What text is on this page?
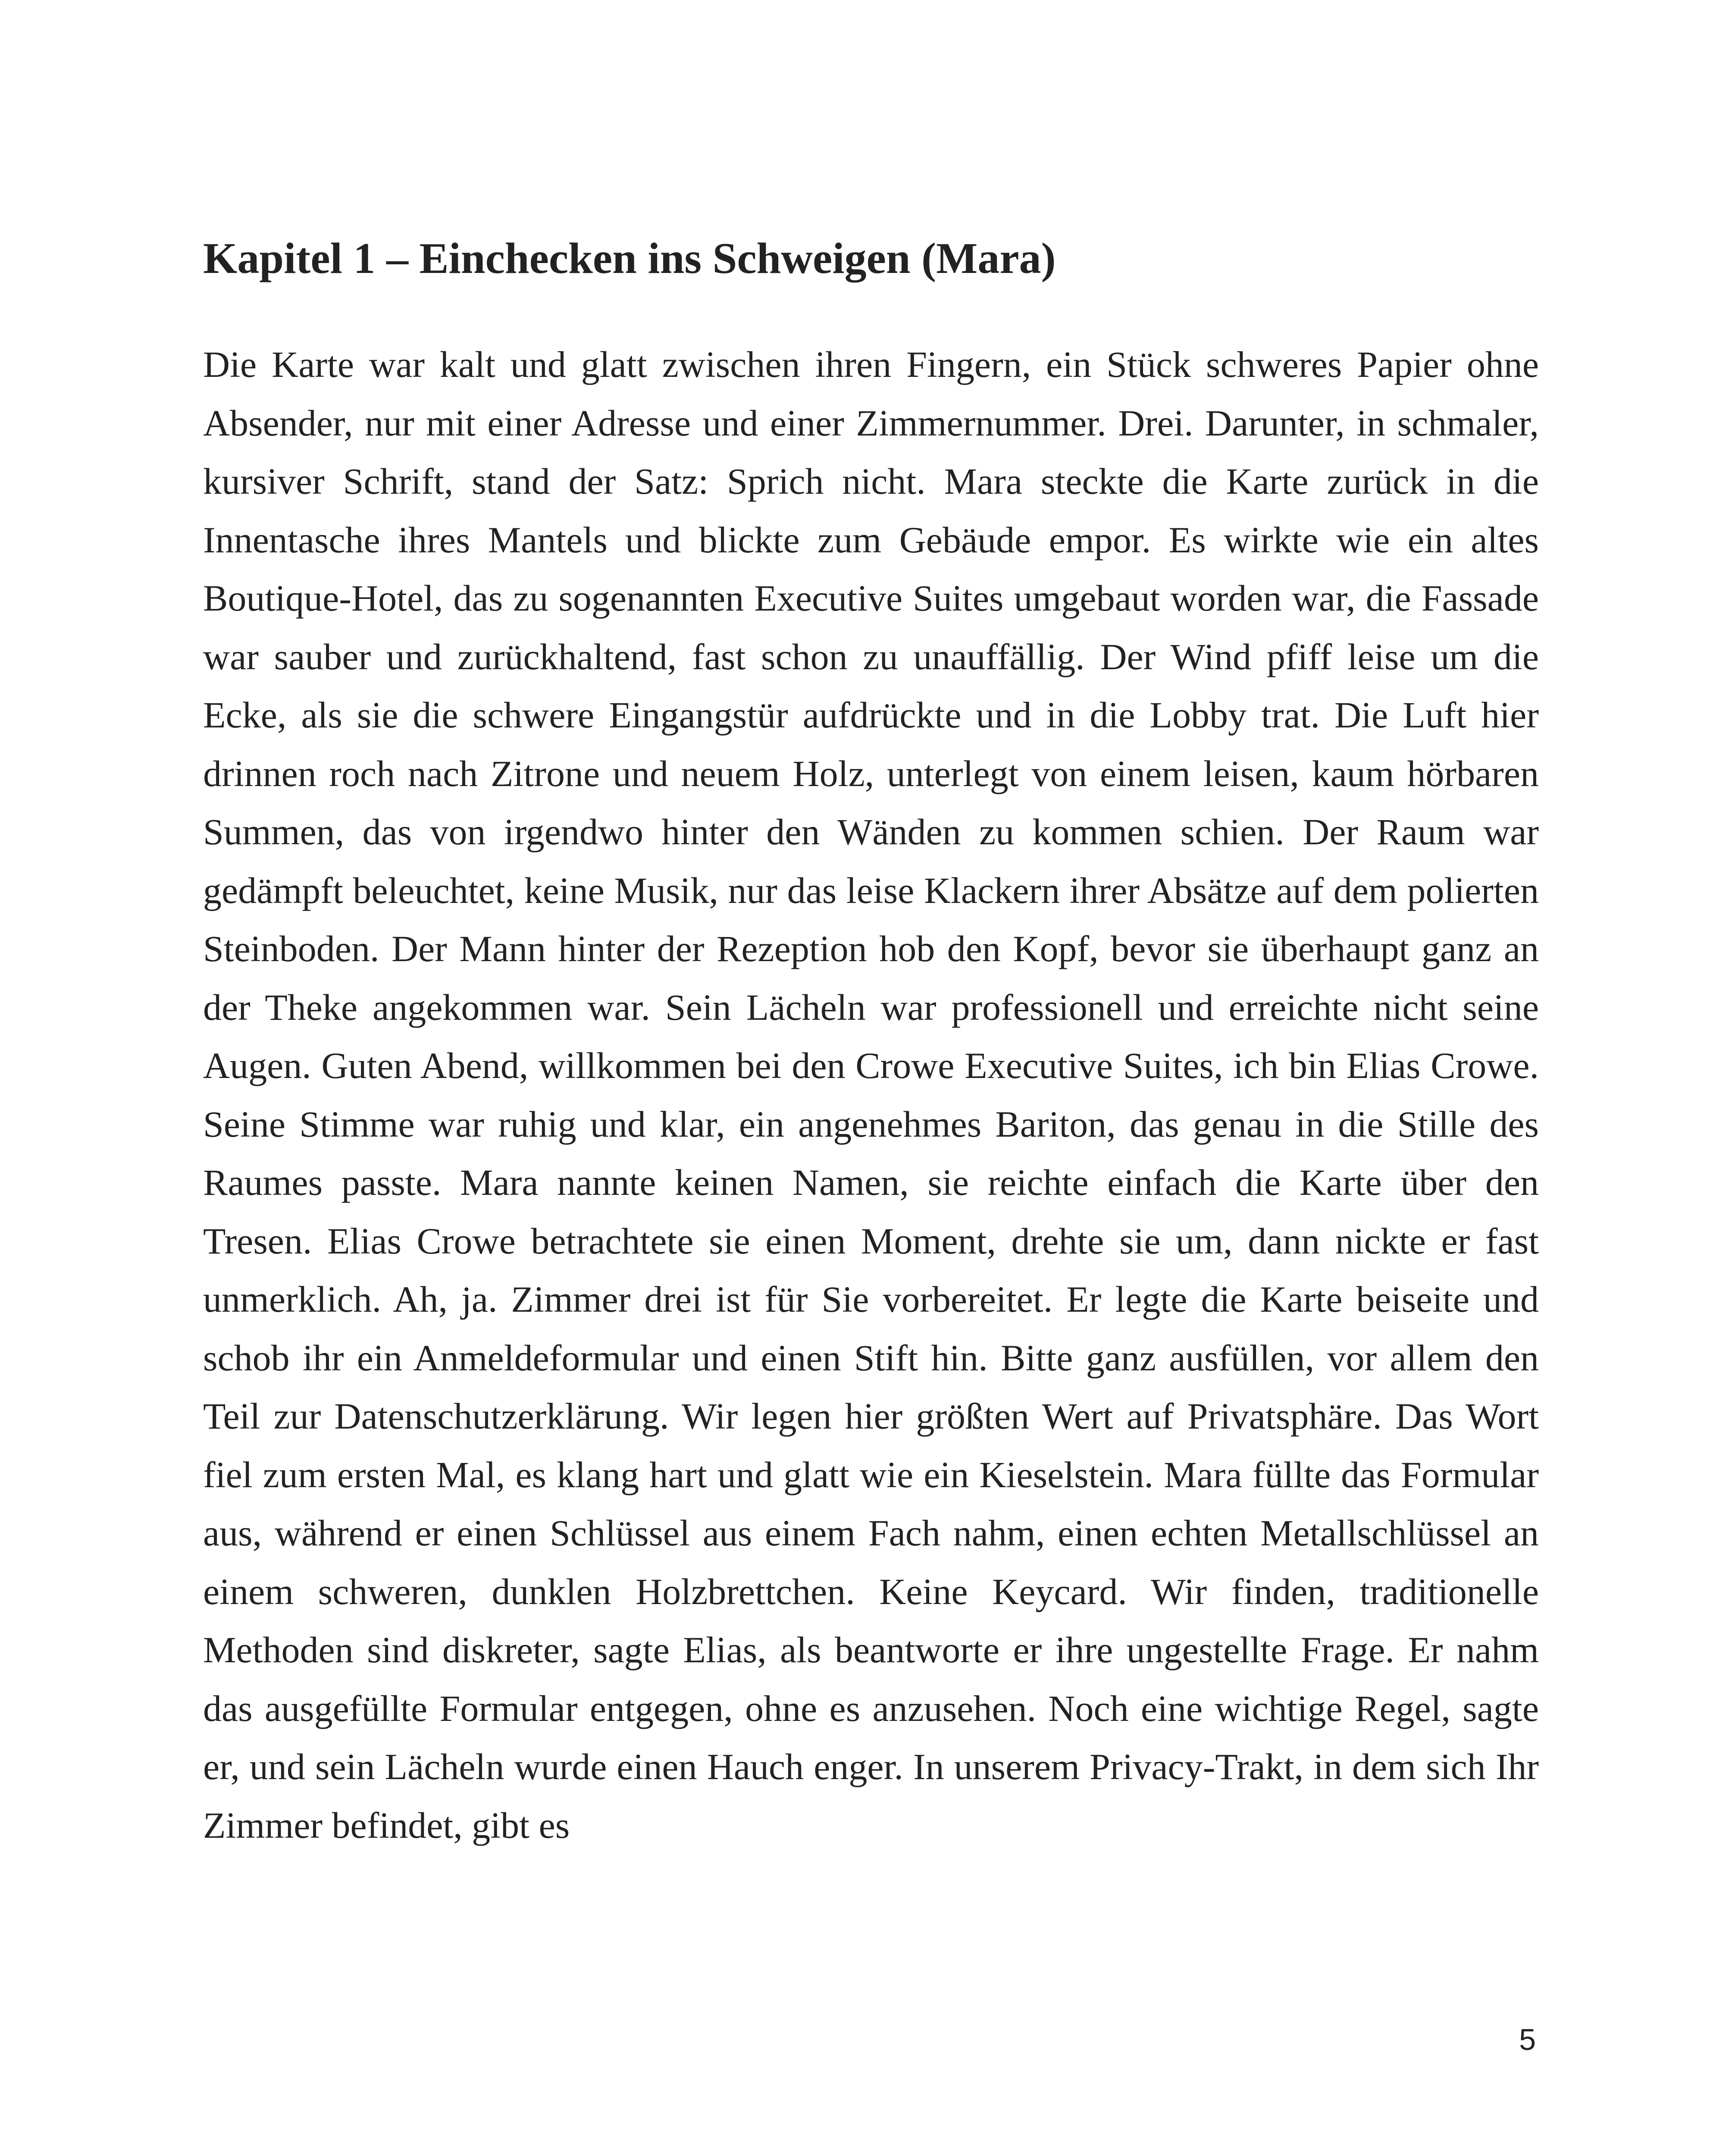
Kapitel 1 – Einchecken ins Schweigen (Mara)

Die Karte war kalt und glatt zwischen ihren Fingern, ein Stück schweres Papier ohne Absender, nur mit einer Adresse und einer Zimmernummer. Drei. Darunter, in schmaler, kursiver Schrift, stand der Satz: Sprich nicht. Mara steckte die Karte zurück in die Innentasche ihres Mantels und blickte zum Gebäude empor. Es wirkte wie ein altes Boutique-Hotel, das zu sogenannten Executive Suites umgebaut worden war, die Fassade war sauber und zurückhaltend, fast schon zu unauffällig. Der Wind pfiff leise um die Ecke, als sie die schwere Eingangstür aufdrückte und in die Lobby trat. Die Luft hier drinnen roch nach Zitrone und neuem Holz, unterlegt von einem leisen, kaum hörbaren Summen, das von irgendwo hinter den Wänden zu kommen schien. Der Raum war gedämpft beleuchtet, keine Musik, nur das leise Klackern ihrer Absätze auf dem polierten Steinboden. Der Mann hinter der Rezeption hob den Kopf, bevor sie überhaupt ganz an der Theke angekommen war. Sein Lächeln war professionell und erreichte nicht seine Augen. Guten Abend, willkommen bei den Crowe Executive Suites, ich bin Elias Crowe. Seine Stimme war ruhig und klar, ein angenehmes Bariton, das genau in die Stille des Raumes passte. Mara nannte keinen Namen, sie reichte einfach die Karte über den Tresen. Elias Crowe betrachtete sie einen Moment, drehte sie um, dann nickte er fast unmerklich. Ah, ja. Zimmer drei ist für Sie vorbereitet. Er legte die Karte beiseite und schob ihr ein Anmeldeformular und einen Stift hin. Bitte ganz ausfüllen, vor allem den Teil zur Datenschutzerklärung. Wir legen hier größten Wert auf Privatsphäre. Das Wort fiel zum ersten Mal, es klang hart und glatt wie ein Kieselstein. Mara füllte das Formular aus, während er einen Schlüssel aus einem Fach nahm, einen echten Metallschlüssel an einem schweren, dunklen Holzbrettchen. Keine Keycard. Wir finden, traditionelle Methoden sind diskreter, sagte Elias, als beantworte er ihre ungestellte Frage. Er nahm das ausgefüllte Formular entgegen, ohne es anzusehen. Noch eine wichtige Regel, sagte er, und sein Lächeln wurde einen Hauch enger. In unserem Privacy-Trakt, in dem sich Ihr Zimmer befindet, gibt es

5
